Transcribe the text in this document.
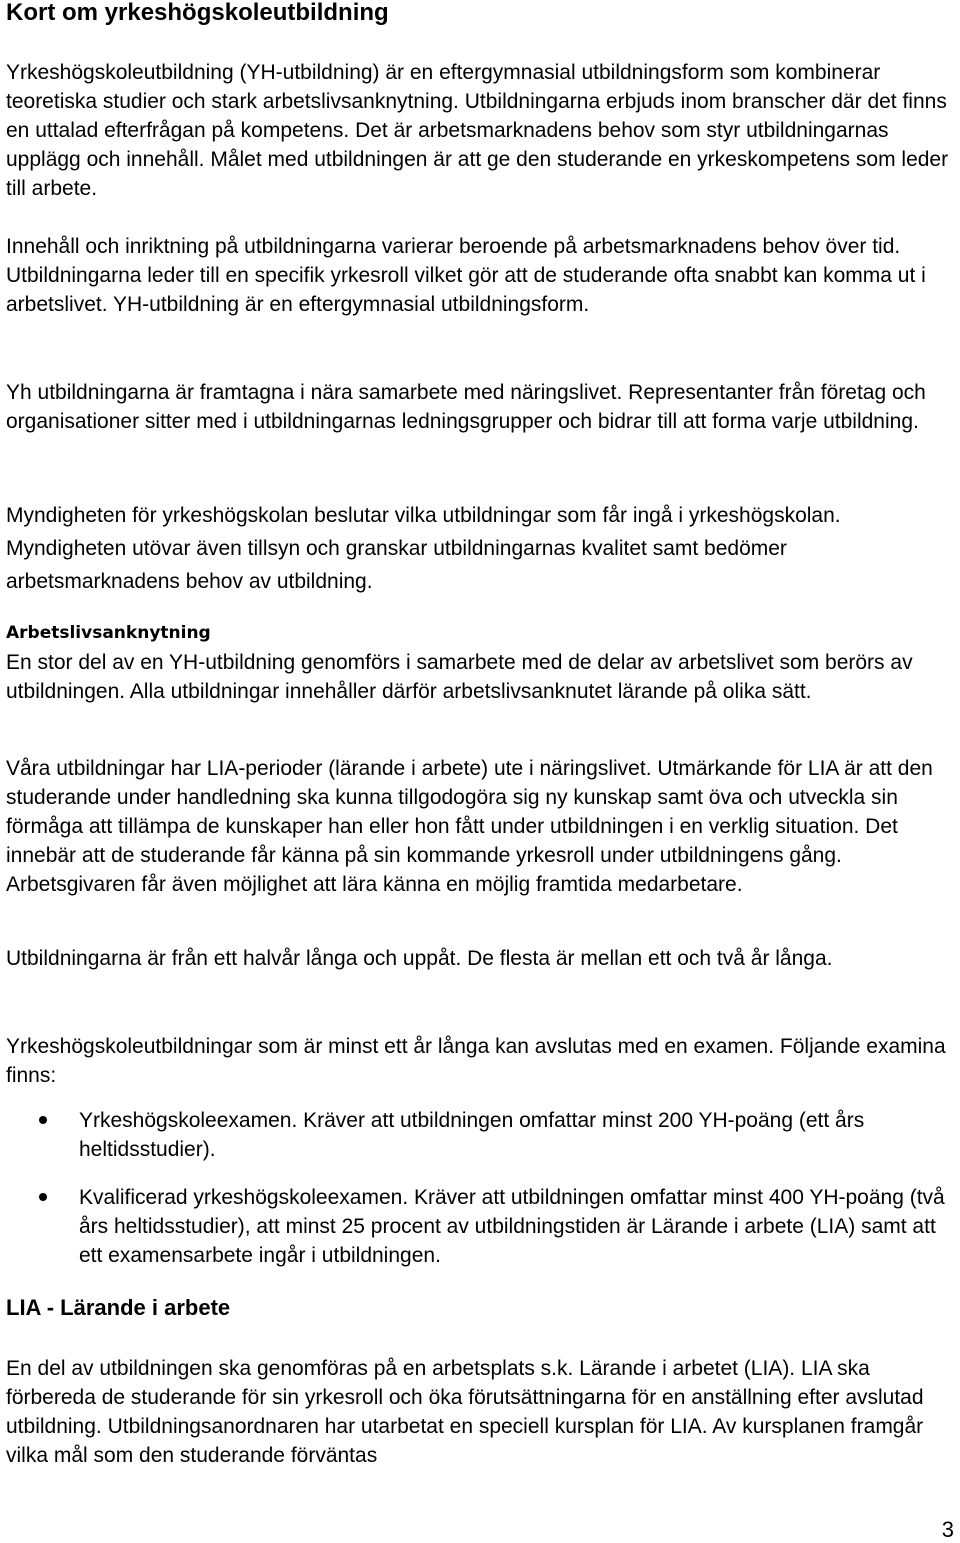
Kort om yrkeshögskoleutbildning

Yrkeshögskoleutbildning (YH-utbildning) är en eftergymnasial utbildningsform som kombinerar teoretiska studier och stark arbetslivsanknytning. Utbildningarna erbjuds inom branscher där det finns en uttalad efterfrågan på kompetens. Det är arbetsmarknadens behov som styr utbildningarnas upplägg och innehåll. Målet med utbildningen är att ge den studerande en yrkeskompetens som leder till arbete.

Innehåll och inriktning på utbildningarna varierar beroende på arbetsmarknadens behov över tid. Utbildningarna leder till en specifik yrkesroll vilket gör att de studerande ofta snabbt kan komma ut i arbetslivet. YH-utbildning är en eftergymnasial utbildningsform.

Yh utbildningarna är framtagna i nära samarbete med näringslivet. Representanter från företag och organisationer sitter med i utbildningarnas ledningsgrupper och bidrar till att forma varje utbildning.

Myndigheten för yrkeshögskolan beslutar vilka utbildningar som får ingå i yrkeshögskolan. Myndigheten utövar även tillsyn och granskar utbildningarnas kvalitet samt bedömer arbetsmarknadens behov av utbildning.

Arbetslivsanknytning

En stor del av en YH-utbildning genomförs i samarbete med de delar av arbetslivet som berörs av utbildningen. Alla utbildningar innehåller därför arbetslivsanknutet lärande på olika sätt.

Våra utbildningar har LIA-perioder (lärande i arbete) ute i näringslivet. Utmärkande för LIA är att den studerande under handledning ska kunna tillgodogöra sig ny kunskap samt öva och utveckla sin förmåga att tillämpa de kunskaper han eller hon fått under utbildningen i en verklig situation. Det innebär att de studerande får känna på sin kommande yrkesroll under utbildningens gång. Arbetsgivaren får även möjlighet att lära känna en möjlig framtida medarbetare.

Utbildningarna är från ett halvår långa och uppåt. De flesta är mellan ett och två år långa.

Yrkeshögskoleutbildningar som är minst ett år långa kan avslutas med en examen. Följande examina finns:

Yrkeshögskoleexamen. Kräver att utbildningen omfattar minst 200 YH-poäng (ett års heltidsstudier).
Kvalificerad yrkeshögskoleexamen. Kräver att utbildningen omfattar minst 400 YH-poäng (två års heltidsstudier), att minst 25 procent av utbildningstiden är Lärande i arbete (LIA) samt att ett examensarbete ingår i utbildningen.
LIA - Lärande i arbete

En del av utbildningen ska genomföras på en arbetsplats s.k. Lärande i arbetet (LIA). LIA ska förbereda de studerande för sin yrkesroll och öka förutsättningarna för en anställning efter avslutad utbildning. Utbildningsanordnaren har utarbetat en speciell kursplan för LIA. Av kursplanen framgår vilka mål som den studerande förväntas

3
